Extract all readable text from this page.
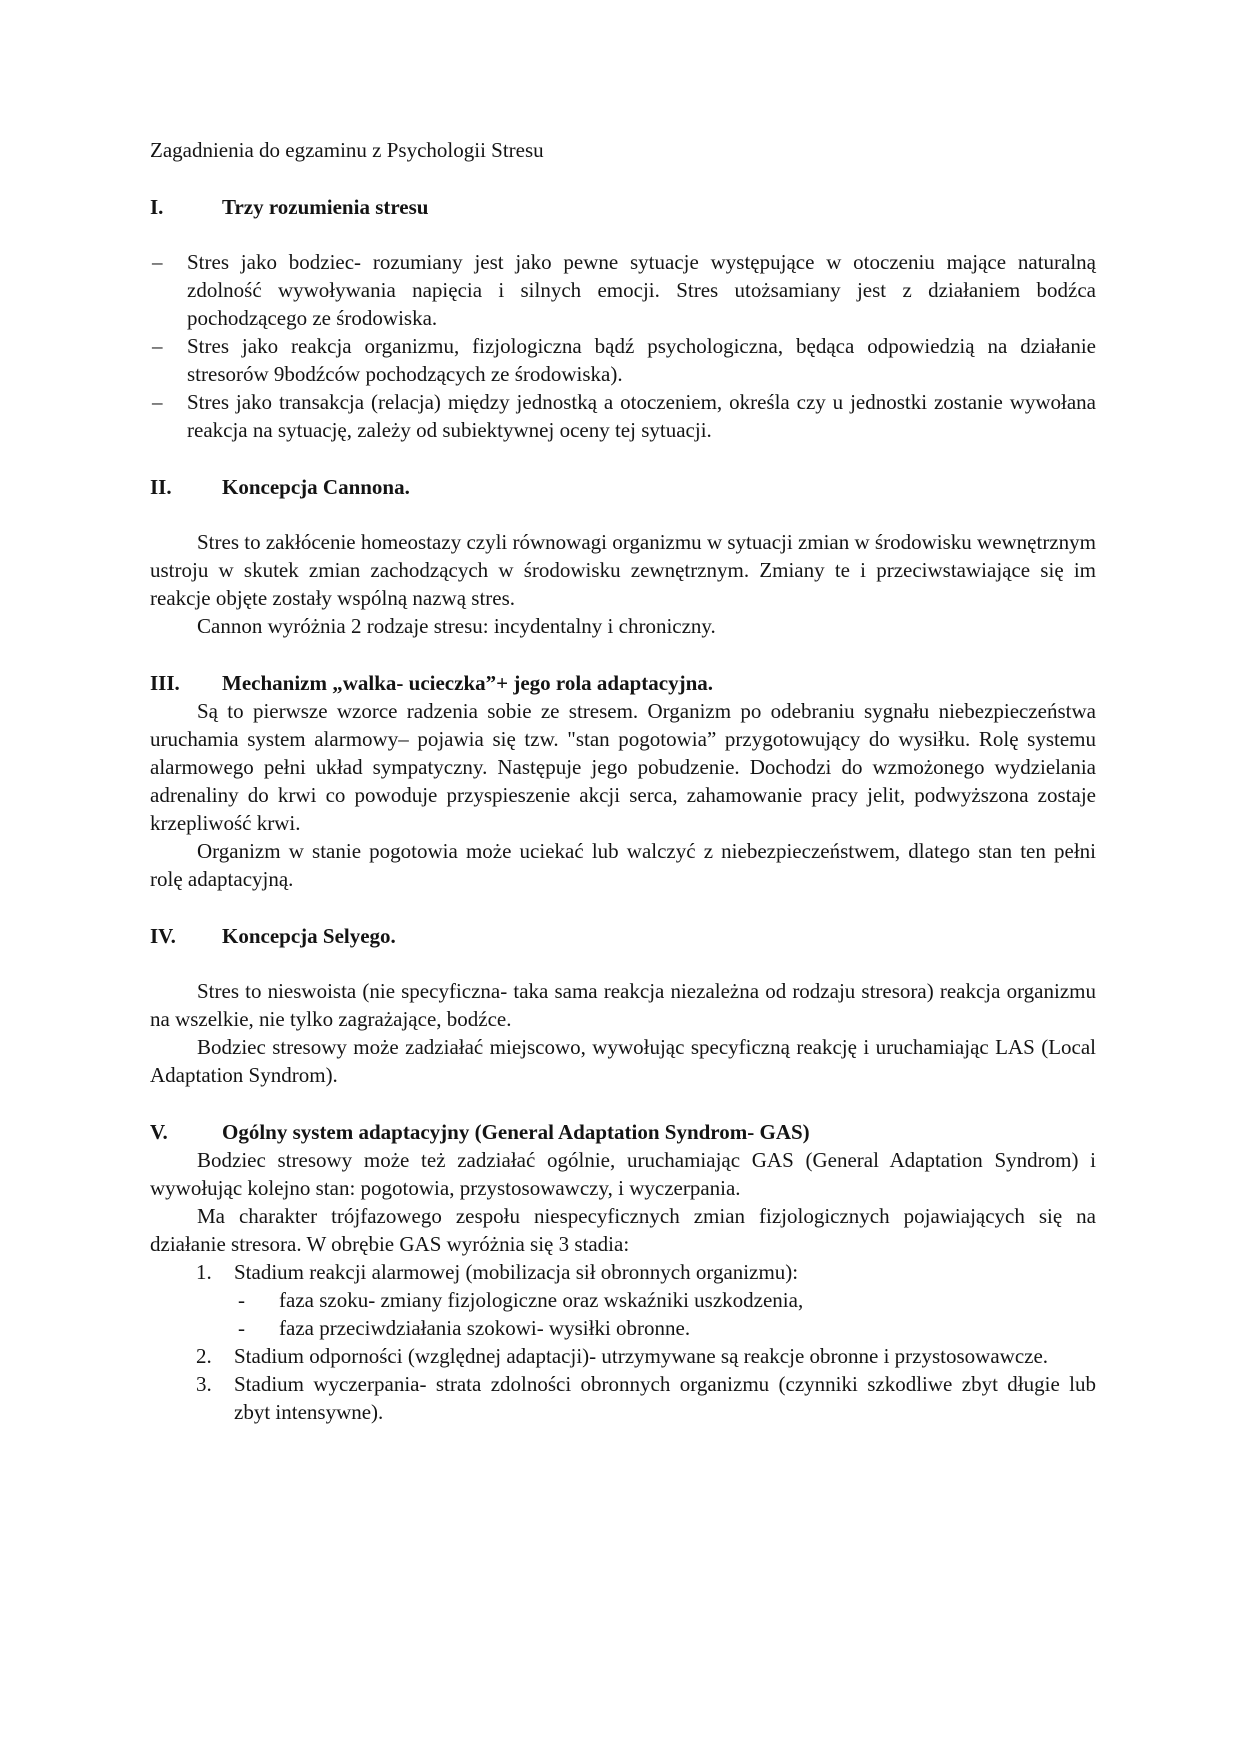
Zagadnienia do egzaminu z Psychologii Stresu

I.	Trzy rozumienia stresu

– Stres jako bodziec- rozumiany jest jako pewne sytuacje występujące w otoczeniu mające naturalną zdolność wywoływania napięcia i silnych emocji. Stres utożsamiany jest z działaniem bodźca pochodzącego ze środowiska.
– Stres jako reakcja organizmu, fizjologiczna bądź psychologiczna, będąca odpowiedzią na działanie stresorów 9bodźców pochodzących ze środowiska).
– Stres jako transakcja (relacja) między jednostką a otoczeniem, określa czy u jednostki zostanie wywołana reakcja na sytuację, zależy od subiektywnej oceny tej sytuacji.

II.	Koncepcja Cannona.

Stres to zakłócenie homeostazy czyli równowagi organizmu w sytuacji zmian w środowisku wewnętrznym ustroju w skutek zmian zachodzących w środowisku zewnętrznym. Zmiany te i przeciwstawiające się im reakcje objęte zostały wspólną nazwą stres.

Cannon wyróżnia 2 rodzaje stresu: incydentalny i chroniczny.

III.	Mechanizm „walka- ucieczka”+ jego rola adaptacyjna.

Są to pierwsze wzorce radzenia sobie ze stresem. Organizm po odebraniu sygnału niebezpieczeństwa uruchamia system alarmowy– pojawia się tzw. "stan pogotowia” przygotowujący do wysiłku. Rolę systemu alarmowego pełni układ sympatyczny. Następuje jego pobudzenie. Dochodzi do wzmożonego wydzielania adrenaliny do krwi co powoduje przyspieszenie akcji serca, zahamowanie pracy jelit, podwyższona zostaje krzepliwość krwi.

Organizm w stanie pogotowia może uciekać lub walczyć z niebezpieczeństwem, dlatego stan ten pełni rolę adaptacyjną.

IV.	Koncepcja Selyego.

Stres to nieswoista (nie specyficzna- taka sama reakcja niezależna od rodzaju stresora) reakcja organizmu na wszelkie, nie tylko zagrażające, bodźce.

Bodziec stresowy może zadziałać miejscowo, wywołując specyficzną reakcję i uruchamiając LAS (Local Adaptation Syndrom).

V.	Ogólny system adaptacyjny (General Adaptation Syndrom- GAS)

Bodziec stresowy może też zadziałać ogólnie, uruchamiając GAS (General Adaptation Syndrom) i wywołując kolejno stan: pogotowia, przystosowawczy, i wyczerpania.

Ma charakter trójfazowego zespołu niespecyficznych zmian fizjologicznych pojawiających się na działanie stresora. W obrębie GAS wyróżnia się 3 stadia:

1. Stadium reakcji alarmowej (mobilizacja sił obronnych organizmu):
- faza szoku- zmiany fizjologiczne oraz wskaźniki uszkodzenia,
- faza przeciwdziałania szokowi- wysiłki obronne.
2. Stadium odporności (względnej adaptacji)- utrzymywane są reakcje obronne i przystosowawcze.
3. Stadium wyczerpania- strata zdolności obronnych organizmu (czynniki szkodliwe zbyt długie lub zbyt intensywne).
